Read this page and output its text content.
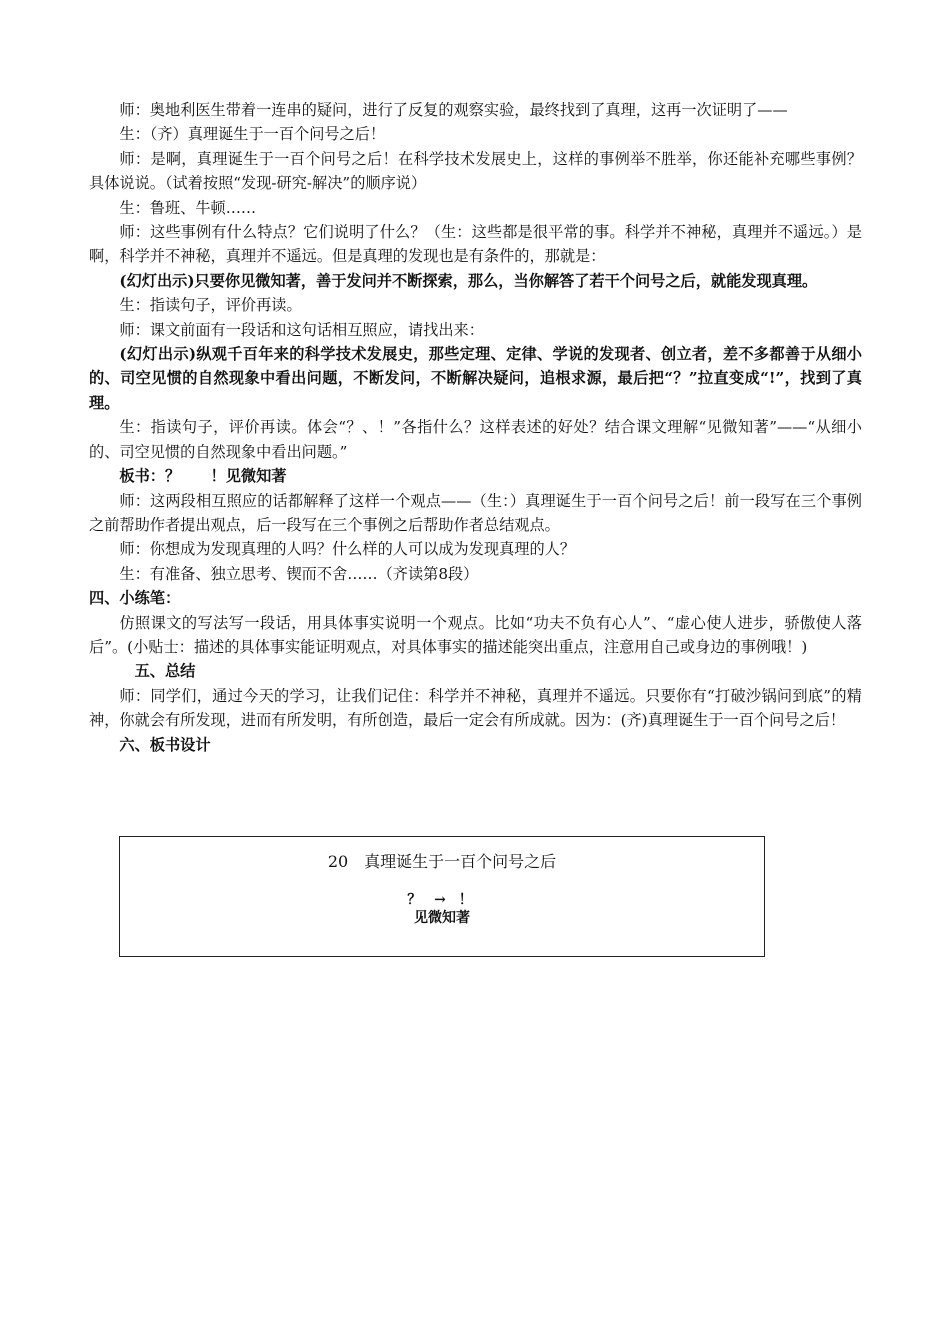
师：奥地利医生带着一连串的疑问，进行了反复的观察实验，最终找到了真理，这再一次证明了——

生：（齐）真理诞生于一百个问号之后！

师：是啊，真理诞生于一百个问号之后！在科学技术发展史上，这样的事例举不胜举，你还能补充哪些事例？具体说说。（试着按照“发现-研究-解决”的顺序说）

生：鲁班、牛顿……

师：这些事例有什么特点？它们说明了什么？（生：这些都是很平常的事。科学并不神秘，真理并不遥远。）是啊，科学并不神秘，真理并不遥远。但是真理的发现也是有条件的，那就是：

(幻灯出示)只要你见微知著，善于发问并不断探索，那么，当你解答了若干个问号之后，就能发现真理。

生：指读句子，评价再读。

师：课文前面有一段话和这句话相互照应，请找出来：

(幻灯出示)纵观千百年来的科学技术发展史，那些定理、定律、学说的发现者、创立者，差不多都善于从细小的、司空见惯的自然现象中看出问题，不断发问，不断解决疑问，追根求源，最后把“？”拉直变成“!”，找到了真理。

生：指读句子，评价再读。体会“？、！”各指什么？这样表述的好处？结合课文理解“见微知著”——“从细小的、司空见惯的自然现象中看出问题。”

板书：？　　！见微知著

师：这两段相互照应的话都解释了这样一个观点——（生：）真理诞生于一百个问号之后！前一段写在三个事例之前帮助作者提出观点，后一段写在三个事例之后帮助作者总结观点。

师：你想成为发现真理的人吗？什么样的人可以成为发现真理的人？

生：有准备、独立思考、锲而不舍……（齐读第8段）

四、小练笔：

仿照课文的写法写一段话，用具体事实说明一个观点。比如“功夫不负有心人”、“虚心使人进步，骄傲使人落后”。(小贴士：描述的具体事实能证明观点，对具体事实的描述能突出重点，注意用自己或身边的事例哦！)

五、总结

师：同学们，通过今天的学习，让我们记住：科学并不神秘，真理并不遥远。只要你有“打破沙锅问到底”的精神，你就会有所发现，进而有所发明，有所创造，最后一定会有所成就。因为：(齐)真理诞生于一百个问号之后！

六、板书设计

20　真理诞生于一百个问号之后
？ → ！
见微知著
